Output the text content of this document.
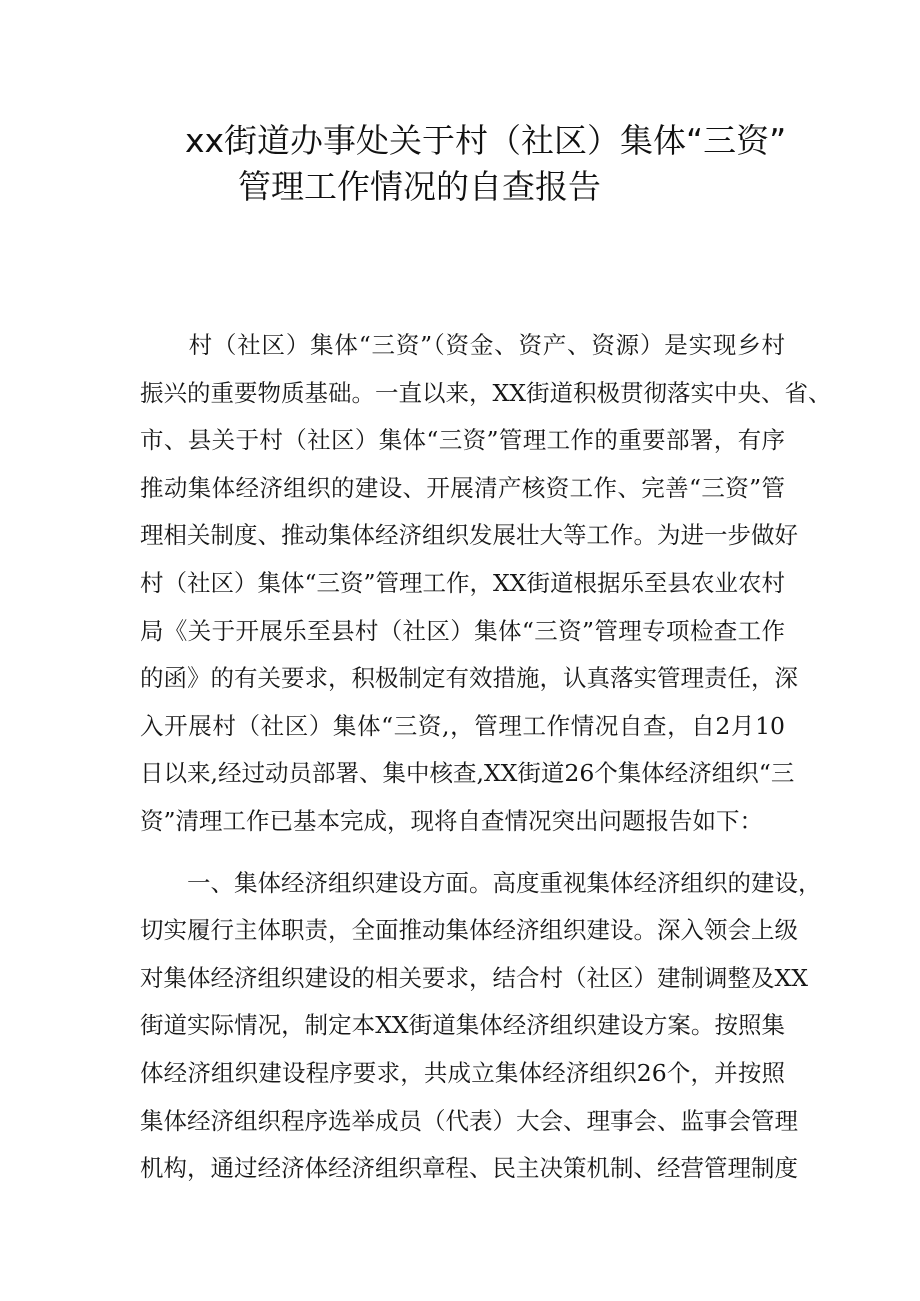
xx街道办事处关于村（社区）集体“三资”
管理工作情况的自查报告
　　村（社区）集体“三资”（资金、资产、资源）是实现乡村
振兴的重要物质基础。一直以来，XX街道积极贯彻落实中央、省、
市、县关于村（社区）集体“三资”管理工作的重要部署，有序
推动集体经济组织的建设、开展清产核资工作、完善“三资”管
理相关制度、推动集体经济组织发展壮大等工作。为进一步做好
村（社区）集体“三资”管理工作，XX街道根据乐至县农业农村
局《关于开展乐至县村（社区）集体“三资”管理专项检查工作
的函》的有关要求，积极制定有效措施，认真落实管理责任，深
入开展村（社区）集体“三资,，管理工作情况自查，自2月10
日以来,经过动员部署、集中核查,XX街道26个集体经济组织“三
资”清理工作已基本完成，现将自查情况突出问题报告如下：
　　一、集体经济组织建设方面。高度重视集体经济组织的建设，
切实履行主体职责，全面推动集体经济组织建设。深入领会上级
对集体经济组织建设的相关要求，结合村（社区）建制调整及XX
街道实际情况，制定本XX街道集体经济组织建设方案。按照集
体经济组织建设程序要求，共成立集体经济组织26个，并按照
集体经济组织程序选举成员（代表）大会、理事会、监事会管理
机构，通过经济体经济组织章程、民主决策机制、经营管理制度
